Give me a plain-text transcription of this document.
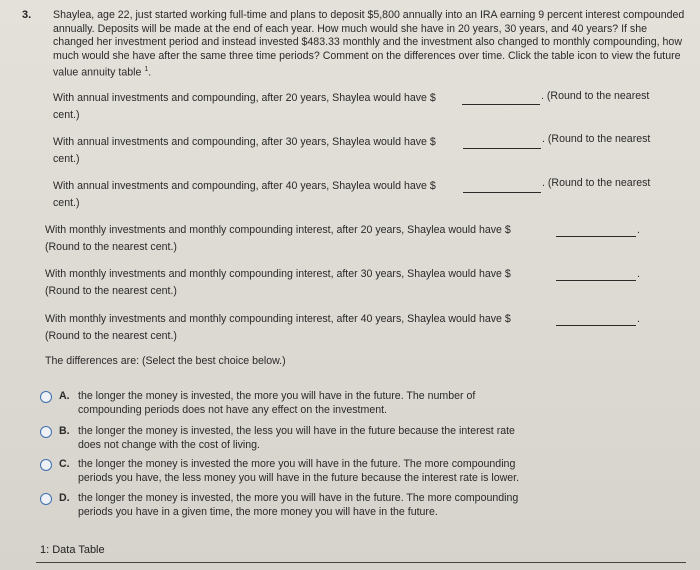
3. Shaylea, age 22, just started working full-time and plans to deposit $5,800 annually into an IRA earning 9 percent interest compounded annually. Deposits will be made at the end of each year. How much would she have in 20 years, 30 years, and 40 years? If she changed her investment period and instead invested $483.33 monthly and the investment also changed to monthly compounding, how much would she have after the same three time periods? Comment on the differences over time. Click the table icon to view the future value annuity table $^1$.
With annual investments and compounding, after 20 years, Shaylea would have $	. (Round to the nearest
cent.)
With annual investments and compounding, after 30 years, Shaylea would have $	. (Round to the nearest
cent.)
With annual investments and compounding, after 40 years, Shaylea would have $	. (Round to the nearest
cent.)
With monthly investments and monthly compounding interest, after 20 years, Shaylea would have $	.
(Round to the nearest cent.)
With monthly investments and monthly compounding interest, after 30 years, Shaylea would have $	.
(Round to the nearest cent.)
With monthly investments and monthly compounding interest, after 40 years, Shaylea would have $	.
(Round to the nearest cent.)
The differences are: (Select the best choice below.)
A. the longer the money is invested, the more you will have in the future. The number of
compounding periods does not have any effect on the investment.
B. the longer the money is invested, the less you will have in the future because the interest rate
does not change with the cost of living.
C. the longer the money is invested the more you will have in the future. The more compounding
periods you have, the less money you will have in the future because the interest rate is lower.
D. the longer the money is invested, the more you will have in the future. The more compounding
periods you have in a given time, the more money you will have in the future.
1: Data Table
